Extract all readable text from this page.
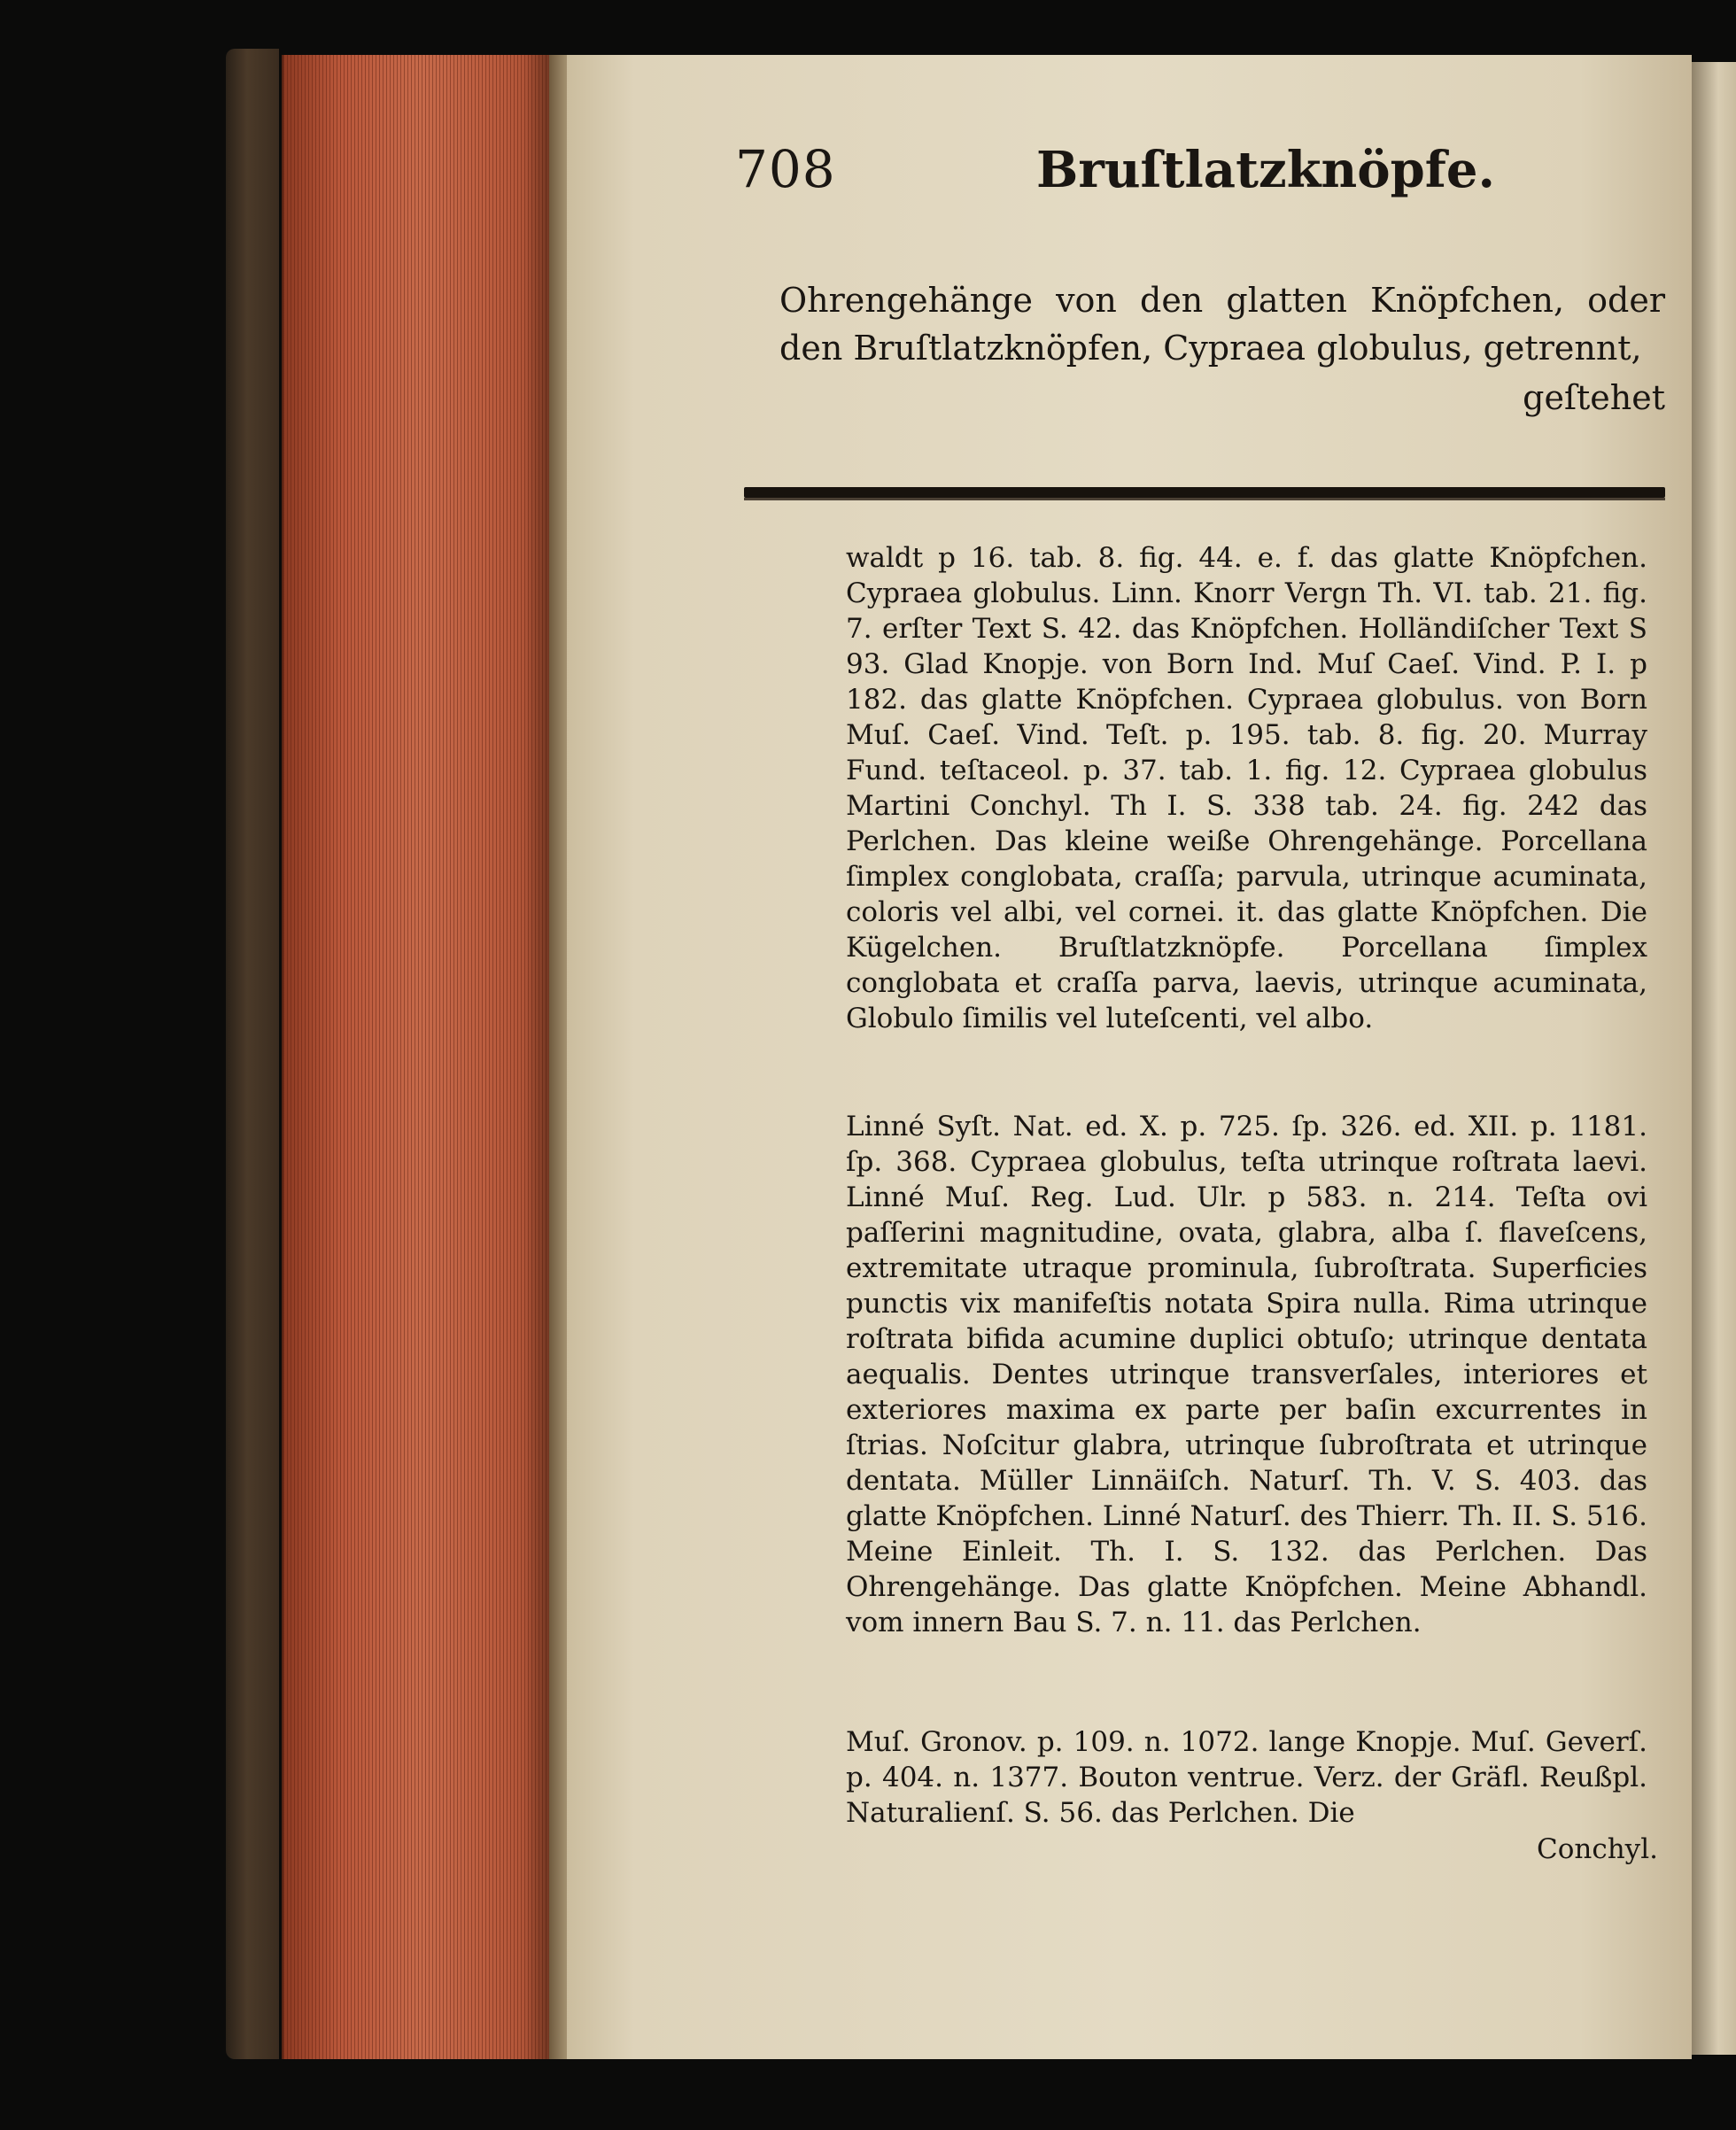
708	Bruſtlatzknöpfe.

Ohrengehänge von den glatten Knöpfchen, oder den Bruſtlatzknöpfen, Cypraea globulus, getrennt,

geſtehet

waldt p 16. tab. 8. fig. 44. e. f. das glatte Knöpfchen. Cypraea globulus. Linn. Knorr Vergn Th. VI. tab. 21. fig. 7. erſter Text S. 42. das Knöpfchen. Holländiſcher Text S 93. Glad Knopje. von Born Ind. Muſ Caeſ. Vind. P. I. p 182. das glatte Knöpfchen. Cypraea globulus. von Born Muſ. Caeſ. Vind. Teſt. p. 195. tab. 8. fig. 20. Murray Fund. teſtaceol. p. 37. tab. 1. fig. 12. Cypraea globulus Martini Conchyl. Th I. S. 338 tab. 24. fig. 242 das Perlchen. Das kleine weiße Ohrengehänge. Porcellana ſimplex conglobata, craſſa; parvula, utrinque acuminata, coloris vel albi, vel cornei. it. das glatte Knöpfchen. Die Kügelchen. Bruſtlatzknöpfe. Porcellana ſimplex conglobata et craſſa parva, laevis, utrinque acuminata, Globulo ſimilis vel luteſcenti, vel albo.

Linné Syſt. Nat. ed. X. p. 725. ſp. 326. ed. XII. p. 1181. ſp. 368. Cypraea globulus, teſta utrinque roſtrata laevi. Linné Muſ. Reg. Lud. Ulr. p 583. n. 214. Teſta ovi paſſerini magnitudine, ovata, glabra, alba ſ. flaveſcens, extremitate utraque prominula, ſubroſtrata. Superficies punctis vix manifeſtis notata Spira nulla. Rima utrinque roſtrata bifida acumine duplici obtuſo; utrinque dentata aequalis. Dentes utrinque transverſales, interiores et exteriores maxima ex parte per baſin excurrentes in ſtrias. Noſcitur glabra, utrinque ſubroſtrata et utrinque dentata. Müller Linnäiſch. Naturſ. Th. V. S. 403. das glatte Knöpfchen. Linné Naturſ. des Thierr. Th. II. S. 516. Meine Einleit. Th. I. S. 132. das Perlchen. Das Ohrengehänge. Das glatte Knöpfchen. Meine Abhandl. vom innern Bau S. 7. n. 11. das Perlchen.

Muſ. Gronov. p. 109. n. 1072. lange Knopje. Muſ. Geverſ. p. 404. n. 1377. Bouton ventrue. Verz. der Gräfl. Reußpl. Naturalienſ. S. 56. das Perlchen. Die

Conchyl.
